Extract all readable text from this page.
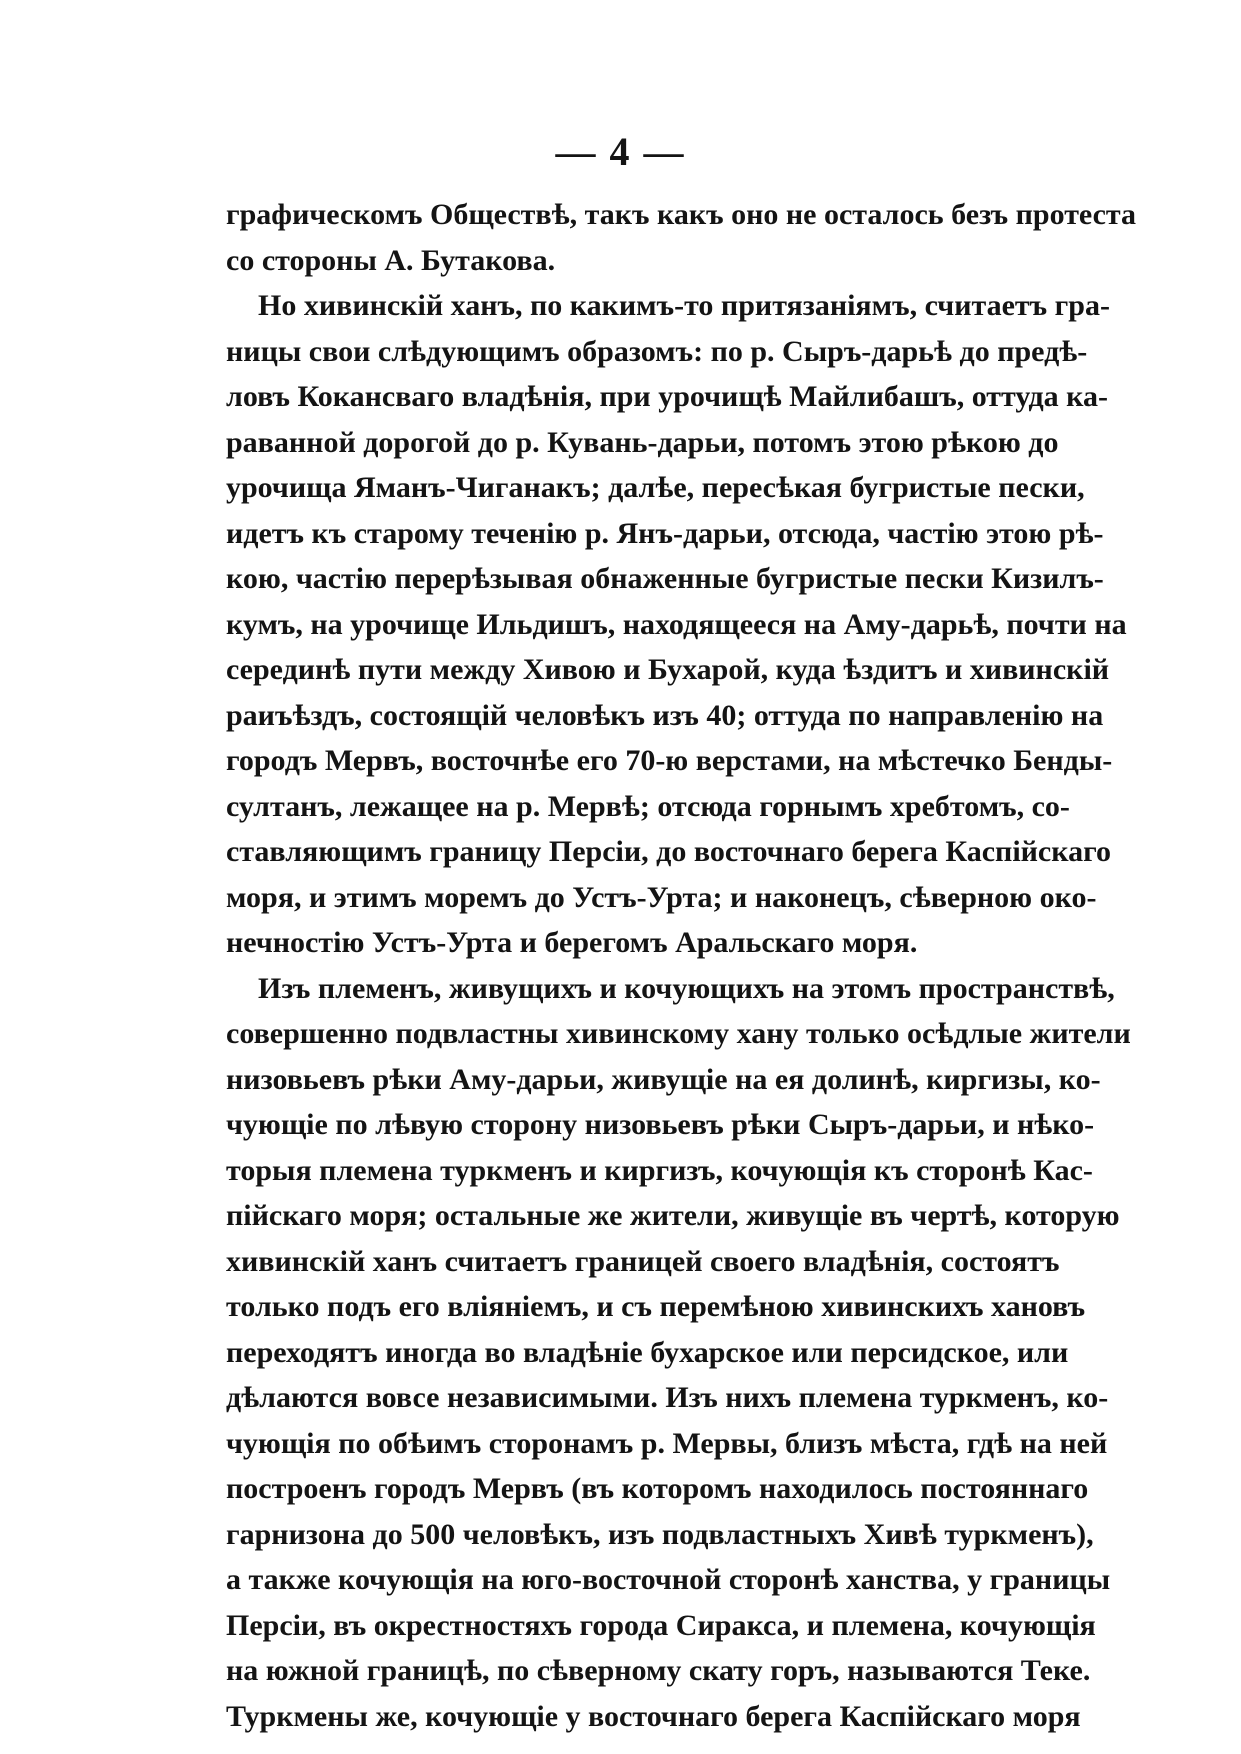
— 4 —
графическомъ Обществѣ, такъ какъ оно не осталось безъ протеста
со стороны А. Бутакова.
Но хивинскій ханъ, по какимъ-то притязаніямъ, считаетъ гра-
ницы свои слѣдующимъ образомъ: по р. Сыръ-дарьѣ до предѣ-
ловъ Кокансваго владѣнія, при урочищѣ Майлибашъ, оттуда ка-
раванной дорогой до р. Кувань-дарьи, потомъ этою рѣкою до
урочища Яманъ-Чиганакъ; далѣе, пересѣкая бугристые пески,
идетъ къ старому теченію р. Янъ-дарьи, отсюда, частію этою рѣ-
кою, частію перерѣзывая обнаженные бугристые пески Кизилъ-
кумъ, на урочище Ильдишъ, находящееся на Аму-дарьѣ, почти на
серединѣ пути между Хивою и Бухарой, куда ѣздитъ и хивинскій
раиъѣздъ, состоящій человѣкъ изъ 40; оттуда по направленію на
городъ Мервъ, восточнѣе его 70-ю верстами, на мѣстечко Бенды-
султанъ, лежащее на р. Мервѣ; отсюда горнымъ хребтомъ, со-
ставляющимъ границу Персіи, до восточнаго берега Каспійскаго
моря, и этимъ моремъ до Устъ-Урта; и наконецъ, сѣверною око-
нечностію Устъ-Урта и берегомъ Аральскаго моря.
Изъ племенъ, живущихъ и кочующихъ на этомъ пространствѣ,
совершенно подвластны хивинскому хану только осѣдлые жители
низовьевъ рѣки Аму-дарьи, живущіе на ея долинѣ, киргизы, ко-
чующіе по лѣвую сторону низовьевъ рѣки Сыръ-дарьи, и нѣко-
торыя племена туркменъ и киргизъ, кочующія къ сторонѣ Кас-
пійскаго моря; остальные же жители, живущіе въ чертѣ, которую
хивинскій ханъ считаетъ границей своего владѣнія, состоятъ
только подъ его вліяніемъ, и съ перемѣною хивинскихъ хановъ
переходятъ иногда во владѣніе бухарское или персидское, или
дѣлаются вовсе независимыми. Изъ нихъ племена туркменъ, ко-
чующія по обѣимъ сторонамъ р. Мервы, близъ мѣста, гдѣ на ней
построенъ городъ Мервъ (въ которомъ находилось постояннаго
гарнизона до 500 человѣкъ, изъ подвластныхъ Хивѣ туркменъ),
а также кочующія на юго-восточной сторонѣ ханства, у границы
Персіи, въ окрестностяхъ города Сиракса, и племена, кочующія
на южной границѣ, по сѣверному скату горъ, называются Теке.
Туркмены же, кочующіе у восточнаго берега Каспійскаго моря
